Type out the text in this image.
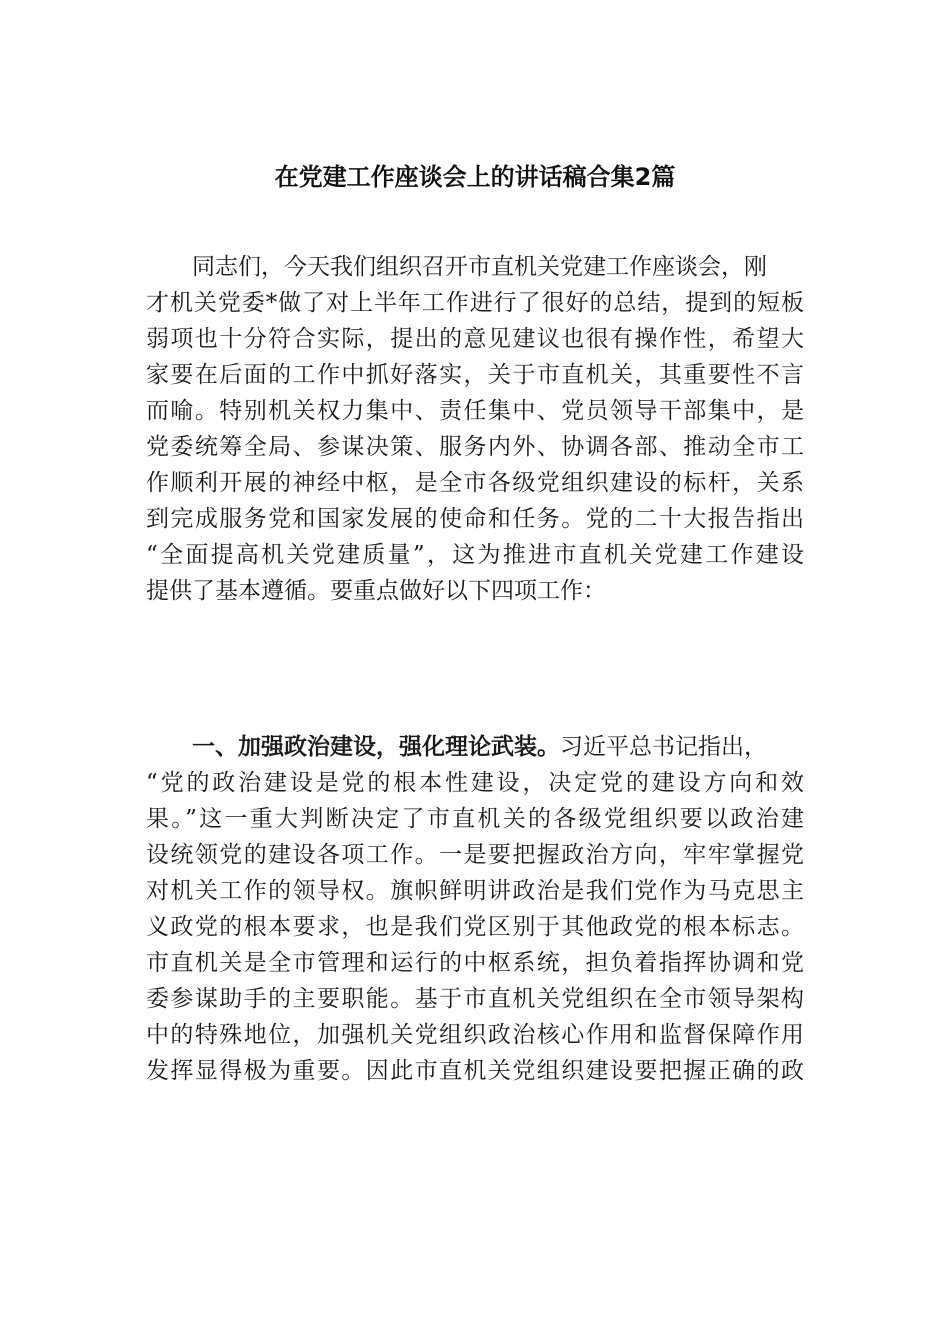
在党建工作座谈会上的讲话稿合集2篇
同志们，今天我们组织召开市直机关党建工作座谈会，刚
才机关党委*做了对上半年工作进行了很好的总结，提到的短板
弱项也十分符合实际，提出的意见建议也很有操作性，希望大
家要在后面的工作中抓好落实，关于市直机关，其重要性不言
而喻。特别机关权力集中、责任集中、党员领导干部集中，是
党委统筹全局、参谋决策、服务内外、协调各部、推动全市工
作顺利开展的神经中枢，是全市各级党组织建设的标杆，关系
到完成服务党和国家发展的使命和任务。党的二十大报告指出
“全面提高机关党建质量”，这为推进市直机关党建工作建设
提供了基本遵循。要重点做好以下四项工作：
一、加强政治建设，强化理论武装。习近平总书记指出，
“党的政治建设是党的根本性建设，决定党的建设方向和效
果。”这一重大判断决定了市直机关的各级党组织要以政治建
设统领党的建设各项工作。一是要把握政治方向，牢牢掌握党
对机关工作的领导权。旗帜鲜明讲政治是我们党作为马克思主
义政党的根本要求，也是我们党区别于其他政党的根本标志。
市直机关是全市管理和运行的中枢系统，担负着指挥协调和党
委参谋助手的主要职能。基于市直机关党组织在全市领导架构
中的特殊地位，加强机关党组织政治核心作用和监督保障作用
发挥显得极为重要。因此市直机关党组织建设要把握正确的政
